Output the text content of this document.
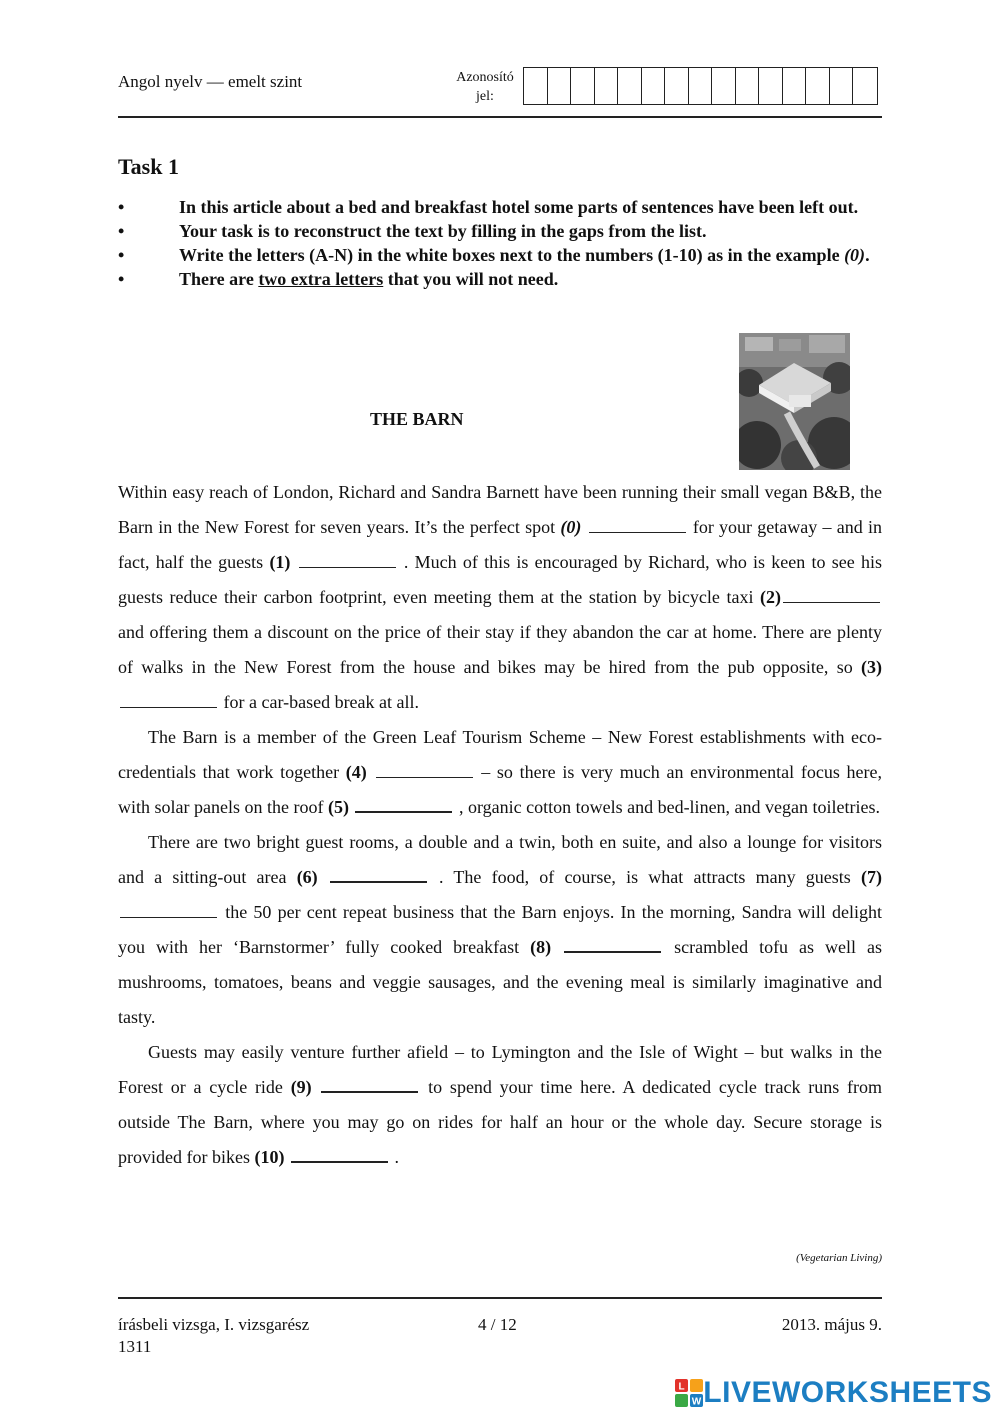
Angol nyelv — emelt szint	Azonosító
jel:
Task 1
•	In this article about a bed and breakfast hotel some parts of sentences have been left out.
•	Your task is to reconstruct the text by filling in the gaps from the list.
•	Write the letters (A-N) in the white boxes next to the numbers (1-10) as in the example (0).
•	There are two extra letters that you will not need.
THE BARN

Within easy reach of London, Richard and Sandra Barnett have been running their small vegan B&B, the Barn in the New Forest for seven years. It’s the perfect spot (0)	for your getaway – and in fact, half the guests (1)	. Much of this is encouraged by Richard, who is keen to see his guests reduce their carbon footprint, even meeting them at the station by bicycle taxi (2) and offering them a discount on the price of their stay if they abandon the car at home. There are plenty of walks in the New Forest from the house and bikes may be hired from the pub opposite, so (3)  for a car-based break at all.

The Barn is a member of the Green Leaf Tourism Scheme – New Forest establishments with eco-credentials that work together (4)	– so there is very much an environmental focus here, with solar panels on the roof (5)	, organic cotton towels and bed-linen, and vegan toiletries.

There are two bright guest rooms, a double and a twin, both en suite, and also a lounge for visitors and a sitting-out area (6)	. The food, of course, is what attracts many guests (7)  the 50 per cent repeat business that the Barn enjoys. In the morning, Sandra will delight you with her ‘Barnstormer’ fully cooked breakfast (8)	scrambled tofu as well as mushrooms, tomatoes, beans and veggie sausages, and the evening meal is similarly imaginative and tasty.

Guests may easily venture further afield – to Lymington and the Isle of Wight – but walks in the Forest or a cycle ride (9)	to spend your time here. A dedicated cycle track runs from outside The Barn, where you may go on rides for half an hour or the whole day. Secure storage is provided for bikes (10)	.

(Vegetarian Living)
írásbeli vizsga, I. vizsgarész
1311
4 / 12	2013. május 9.
L
W LIVEWORKSHEETS
